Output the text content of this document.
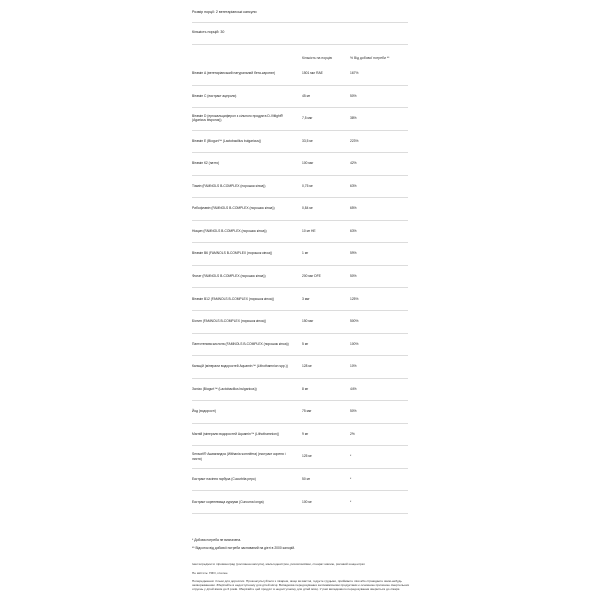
Розмір порції: 2 вегетаріанські капсули
Кількість порцій: 30
Кількість на порцію	% Від добової потреби **
Вітамін А (вегетаріанський натуральний бета-каротин)	1501 мкг RAE	167%
Вітамін С (екстракт ацероли)	45 мг	50%
Вітамін D (ергокальциферол з сільного продукта D-Vitlight® (Agaricus bisporus))
7,5 мкг	38%
Вітамін E (Biogurt™ (Lactobacillus bulgaricus))	33,5 мг	223%
Вітамін К2 (натто)	100 мкг	42%
Тіамін (FAMNOLS B-COMPLEX (порошок кіноа))	0,75 мг	63%
Рибофлавін (FAMNOLS B-COMPLEX (порошок кіноа))	0,84 мг	65%
Ніацин (FAMNOLS B-COMPLEX (порошок кіноа))	10 мг НЕ	63%
Вітамін В6 (FAMNOLS B-COMPLEX (порошок кіноа))	1 мг	59%
Фолат (FAMNOLS B-COMPLEX (порошок кіноа))	200 мкг DFE	50%
Вітамін В12 (FAMNOLS B-COMPLEX (порошок кіноа))	3 мкг	125%
Біотин (FAMNOLS B-COMPLEX (порошок кіноа))	150 мкг	500%
Пантотенова кислота (FAMNOLS B-COMPLEX (порошок кіноа))	5 мг	100%
Кальцій (мінерали водоростей Aquamin™ (Lithothamnion spp.))	128 мг	10%
Залізо (Biogurt™ (Lactobacillus bulgaricus))	8 мг	44%
Йод (водорості)	75 мкг	50%
Магній (мінерали водоростей Aquamin™ (Lithothamnion))	9 мг	2%
Sensoril® Ашвагандха (Withania somnifera) (екстракт кореня і листя)
125 мг	*
Екстракт насіння гарбуза (Cucurbita pepo)	50 мг	*
Екстракт кореневища куркуми (Curcuma longa)	100 мг	*
* Добова потреба не визначена.
** Відсоток від добової потреби заснований на дієті в 2000 калорій.
Інші інгредієнти: піровиноград (рослинна капсула), мальтодекстрин, рисові висівки, стеарат магнію, рисовий концентрат.
Не містить: ГМО, глютен.
Попередження: тільки для дорослих. Проконсультуйтеся з лікарем, якщо ви вагітні, годуєте грудьми, приймаєте ліки або страждаєте яким-небудь захворюванням. Зберігайте в недоступному для дітей місці. Випадкова передозування залізовмісними продуктами є основною причиною смертельних отруєнь у дітей віком до 6 років. Зберігайте цей продукт в недоступному для дітей місці. У разі випадкового передозування зверніться до лікаря.
